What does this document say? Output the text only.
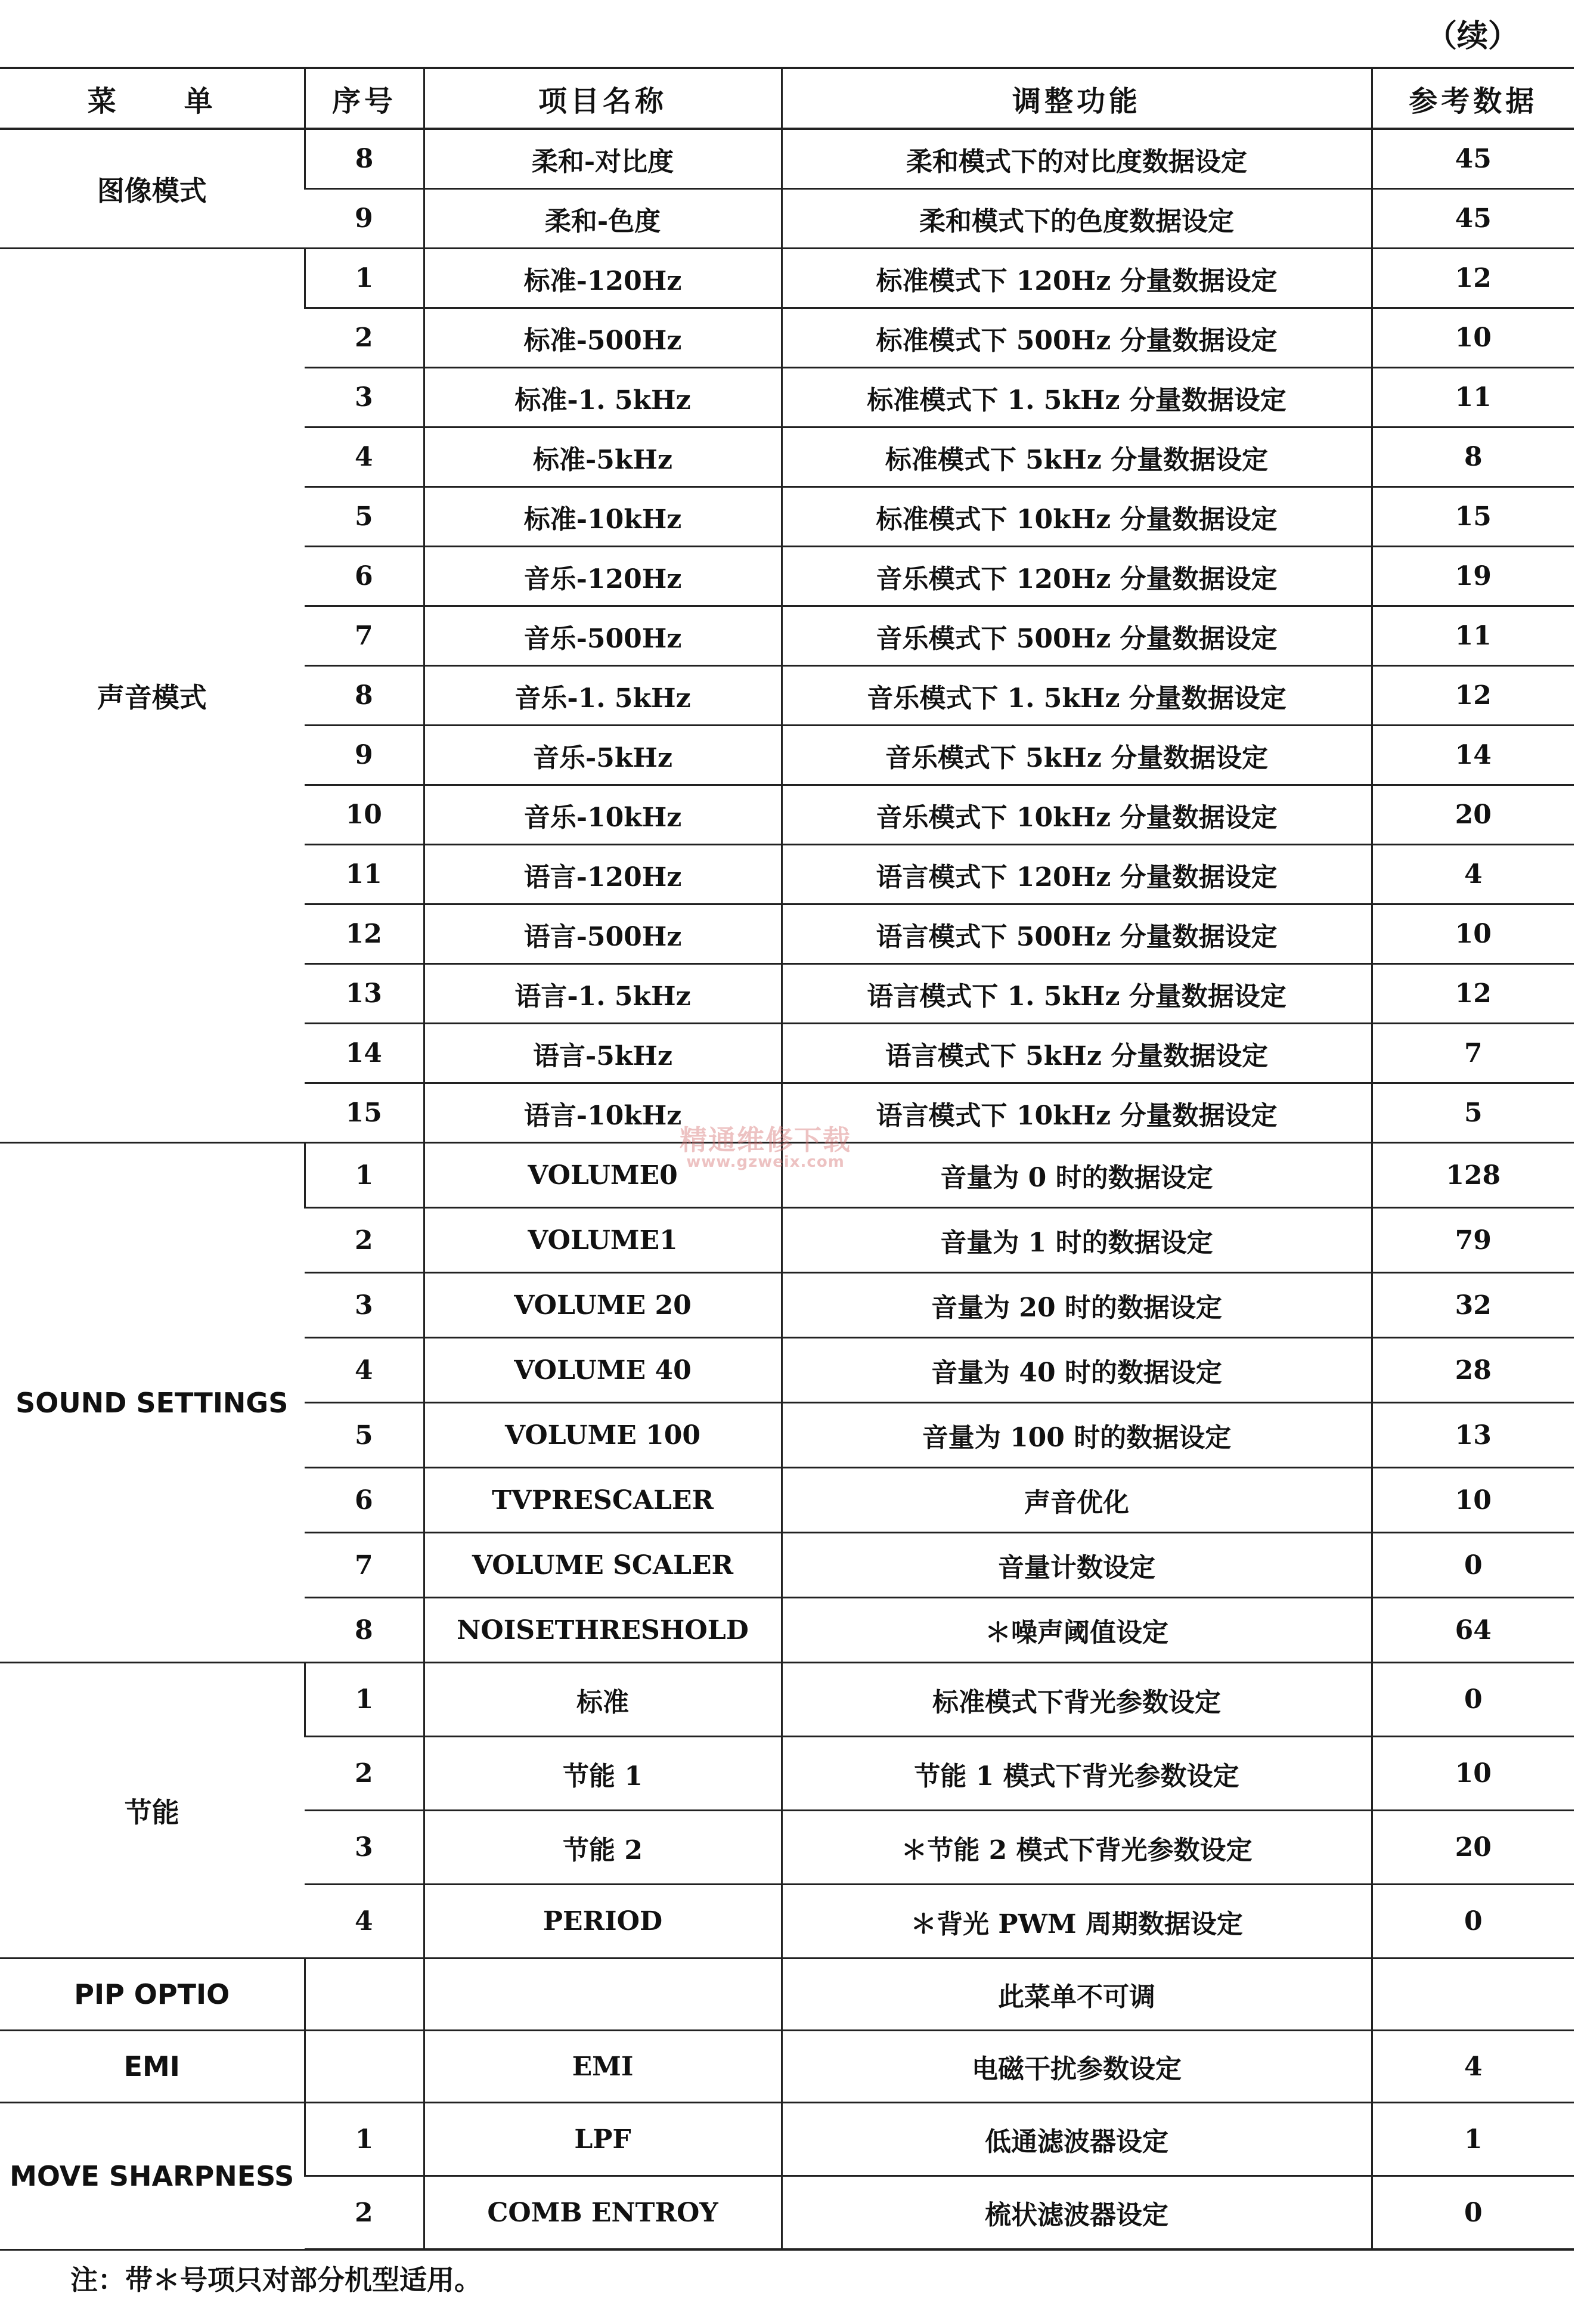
（续）
菜　　单	序号	项目名称	调整功能	参考数据
图像模式	8	柔和-对比度	柔和模式下的对比度数据设定	45
	9	柔和-色度	柔和模式下的色度数据设定	45
声音模式	1	标准-120Hz	标准模式下 120Hz 分量数据设定	12
	2	标准-500Hz	标准模式下 500Hz 分量数据设定	10
	3	标准-1. 5kHz	标准模式下 1. 5kHz 分量数据设定	11
	4	标准-5kHz	标准模式下 5kHz 分量数据设定	8
	5	标准-10kHz	标准模式下 10kHz 分量数据设定	15
	6	音乐-120Hz	音乐模式下 120Hz 分量数据设定	19
	7	音乐-500Hz	音乐模式下 500Hz 分量数据设定	11
	8	音乐-1. 5kHz	音乐模式下 1. 5kHz 分量数据设定	12
	9	音乐-5kHz	音乐模式下 5kHz 分量数据设定	14
	10	音乐-10kHz	音乐模式下 10kHz 分量数据设定	20
	11	语言-120Hz	语言模式下 120Hz 分量数据设定	4
	12	语言-500Hz	语言模式下 500Hz 分量数据设定	10
	13	语言-1. 5kHz	语言模式下 1. 5kHz 分量数据设定	12
	14	语言-5kHz	语言模式下 5kHz 分量数据设定	7
	15	语言-10kHz	语言模式下 10kHz 分量数据设定	5
SOUND SETTINGS	1	VOLUME0	音量为 0 时的数据设定	128
	2	VOLUME1	音量为 1 时的数据设定	79
	3	VOLUME 20	音量为 20 时的数据设定	32
	4	VOLUME 40	音量为 40 时的数据设定	28
	5	VOLUME 100	音量为 100 时的数据设定	13
	6	TVPRESCALER	声音优化	10
	7	VOLUME SCALER	音量计数设定	0
	8	NOISETHRESHOLD	＊噪声阈值设定	64
节能	1	标准	标准模式下背光参数设定	0
	2	节能 1	节能 1 模式下背光参数设定	10
	3	节能 2	＊节能 2 模式下背光参数设定	20
	4	PERIOD	＊背光 PWM 周期数据设定	0
PIP OPTIO			此菜单不可调	
EMI		EMI	电磁干扰参数设定	4
MOVE SHARPNESS	1	LPF	低通滤波器设定	1
	2	COMB ENTROY	梳状滤波器设定	0
精通维修下载
www.gzweix.com
注：带＊号项只对部分机型适用。
